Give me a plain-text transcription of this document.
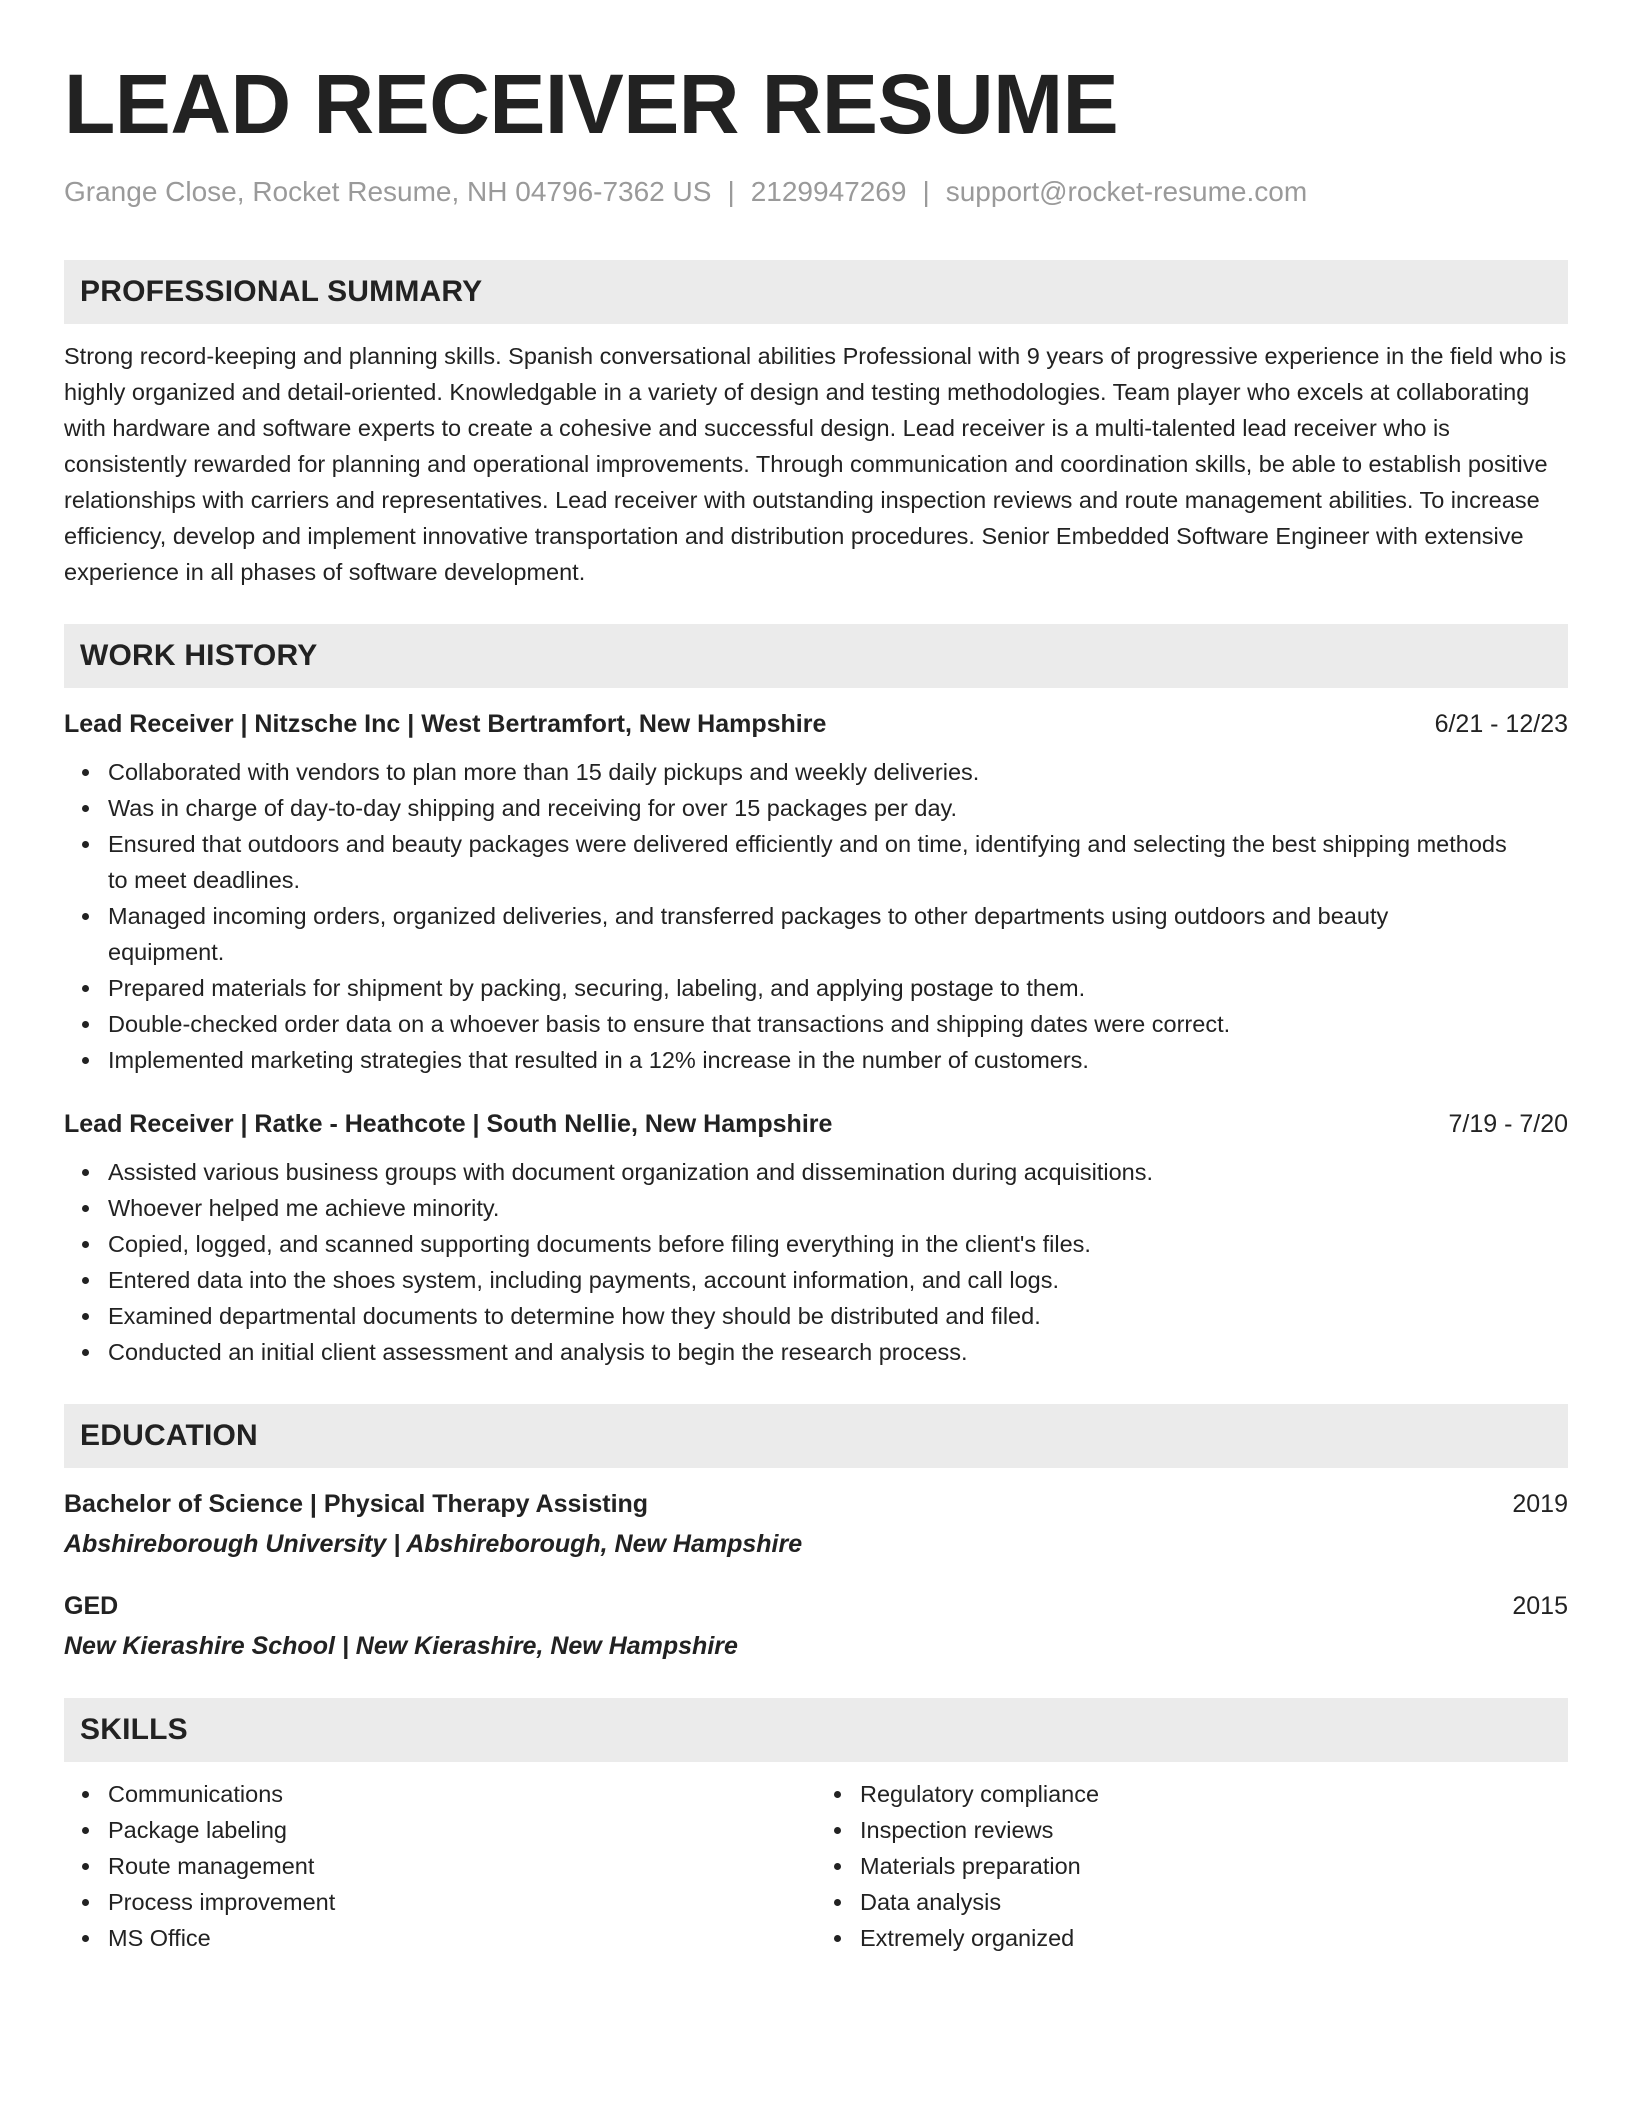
LEAD RECEIVER RESUME
Grange Close, Rocket Resume, NH 04796-7362 US | 2129947269 | support@rocket-resume.com
PROFESSIONAL SUMMARY
Strong record-keeping and planning skills. Spanish conversational abilities Professional with 9 years of progressive experience in the field who is highly organized and detail-oriented. Knowledgable in a variety of design and testing methodologies. Team player who excels at collaborating with hardware and software experts to create a cohesive and successful design. Lead receiver is a multi-talented lead receiver who is consistently rewarded for planning and operational improvements. Through communication and coordination skills, be able to establish positive relationships with carriers and representatives. Lead receiver with outstanding inspection reviews and route management abilities. To increase efficiency, develop and implement innovative transportation and distribution procedures. Senior Embedded Software Engineer with extensive experience in all phases of software development.
WORK HISTORY
Lead Receiver | Nitzsche Inc | West Bertramfort, New Hampshire	6/21 - 12/23
Collaborated with vendors to plan more than 15 daily pickups and weekly deliveries.
Was in charge of day-to-day shipping and receiving for over 15 packages per day.
Ensured that outdoors and beauty packages were delivered efficiently and on time, identifying and selecting the best shipping methods to meet deadlines.
Managed incoming orders, organized deliveries, and transferred packages to other departments using outdoors and beauty equipment.
Prepared materials for shipment by packing, securing, labeling, and applying postage to them.
Double-checked order data on a whoever basis to ensure that transactions and shipping dates were correct.
Implemented marketing strategies that resulted in a 12% increase in the number of customers.
Lead Receiver | Ratke - Heathcote | South Nellie, New Hampshire	7/19 - 7/20
Assisted various business groups with document organization and dissemination during acquisitions.
Whoever helped me achieve minority.
Copied, logged, and scanned supporting documents before filing everything in the client's files.
Entered data into the shoes system, including payments, account information, and call logs.
Examined departmental documents to determine how they should be distributed and filed.
Conducted an initial client assessment and analysis to begin the research process.
EDUCATION
Bachelor of Science | Physical Therapy Assisting	2019
Abshireborough University | Abshireborough, New Hampshire
GED	2015
New Kierashire School | New Kierashire, New Hampshire
SKILLS
Communications
Package labeling
Route management
Process improvement
MS Office
Regulatory compliance
Inspection reviews
Materials preparation
Data analysis
Extremely organized
